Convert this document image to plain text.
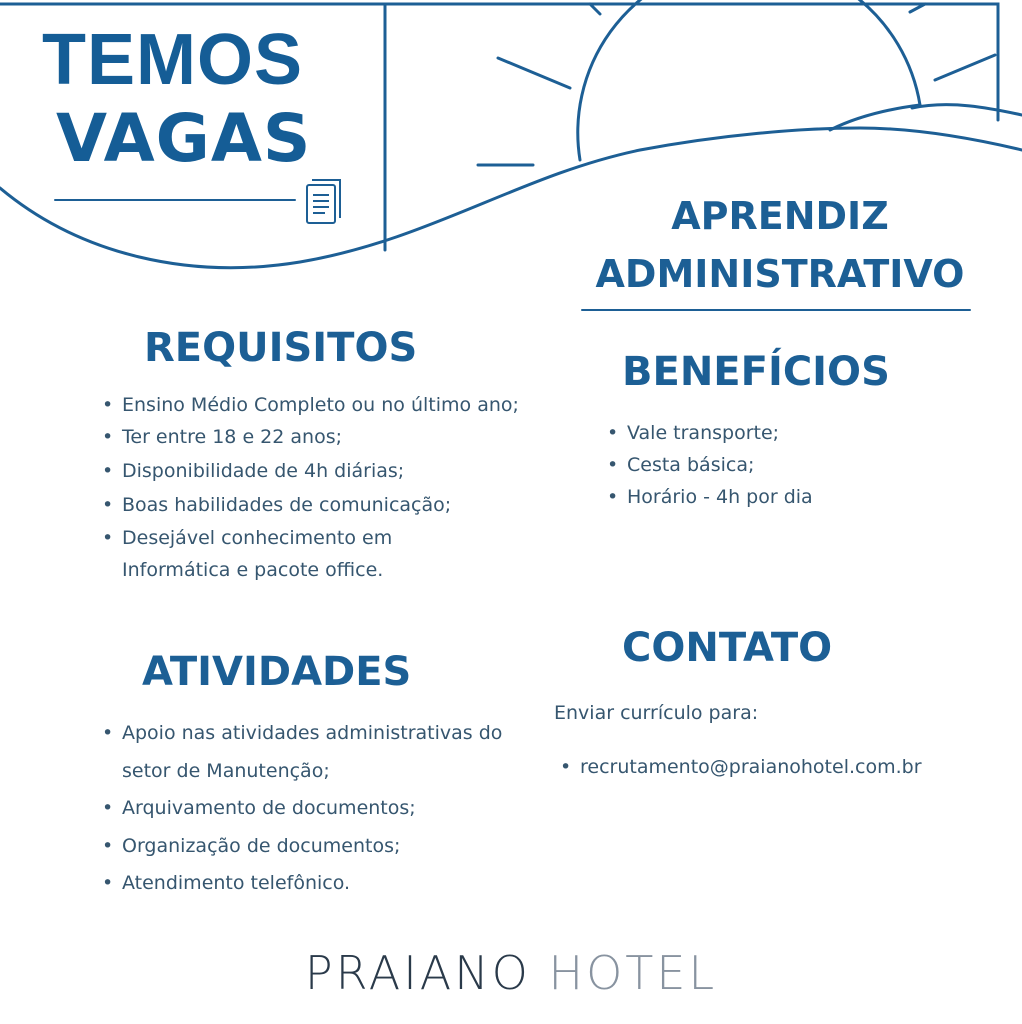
TEMOS
VAGAS
APRENDIZ
ADMINISTRATIVO
REQUISITOS
• Ensino Médio Completo ou no último ano;
• Ter entre 18 e 22 anos;
• Disponibilidade de 4h diárias;
• Boas habilidades de comunicação;
• Desejável conhecimento em Informática e pacote office.
BENEFÍCIOS
• Vale transporte;
• Cesta básica;
• Horário - 4h por dia
ATIVIDADES
• Apoio nas atividades administrativas do setor de Manutenção;
• Arquivamento de documentos;
• Organização de documentos;
• Atendimento telefônico.
CONTATO
Enviar currículo para:
• recrutamento@praianohotel.com.br
PRAIANO HOTEL
